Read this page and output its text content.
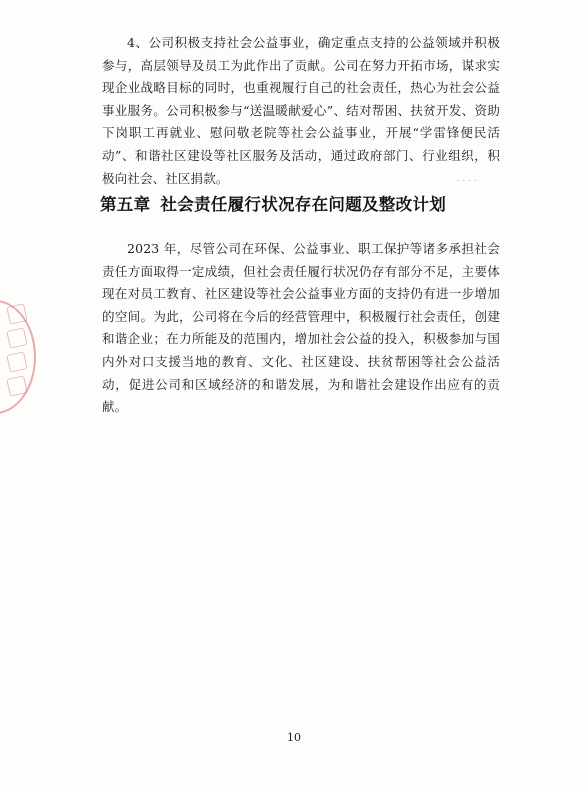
4、公司积极支持社会公益事业，确定重点支持的公益领域并积极参与，高层领导及员工为此作出了贡献。公司在努力开拓市场，谋求实现企业战略目标的同时，也重视履行自己的社会责任，热心为社会公益事业服务。公司积极参与“送温暖献爱心”、结对帮困、扶贫开发、资助下岗职工再就业、慰问敬老院等社会公益事业，开展“学雷锋便民活动”、和谐社区建设等社区服务及活动，通过政府部门、行业组织，积极向社会、社区捐款。	· · · ·
第五章 社会责任履行状况存在问题及整改计划

2023 年，尽管公司在环保、公益事业、职工保护等诸多承担社会责任方面取得一定成绩，但社会责任履行状况仍存有部分不足，主要体现在对员工教育、社区建设等社会公益事业方面的支持仍有进一步增加的空间。为此，公司将在今后的经营管理中，积极履行社会责任，创建和谐企业；在力所能及的范围内，增加社会公益的投入，积极参加与国内外对口支援当地的教育、文化、社区建设、扶贫帮困等社会公益活动，促进公司和区域经济的和谐发展，为和谐社会建设作出应有的贡献。

10
